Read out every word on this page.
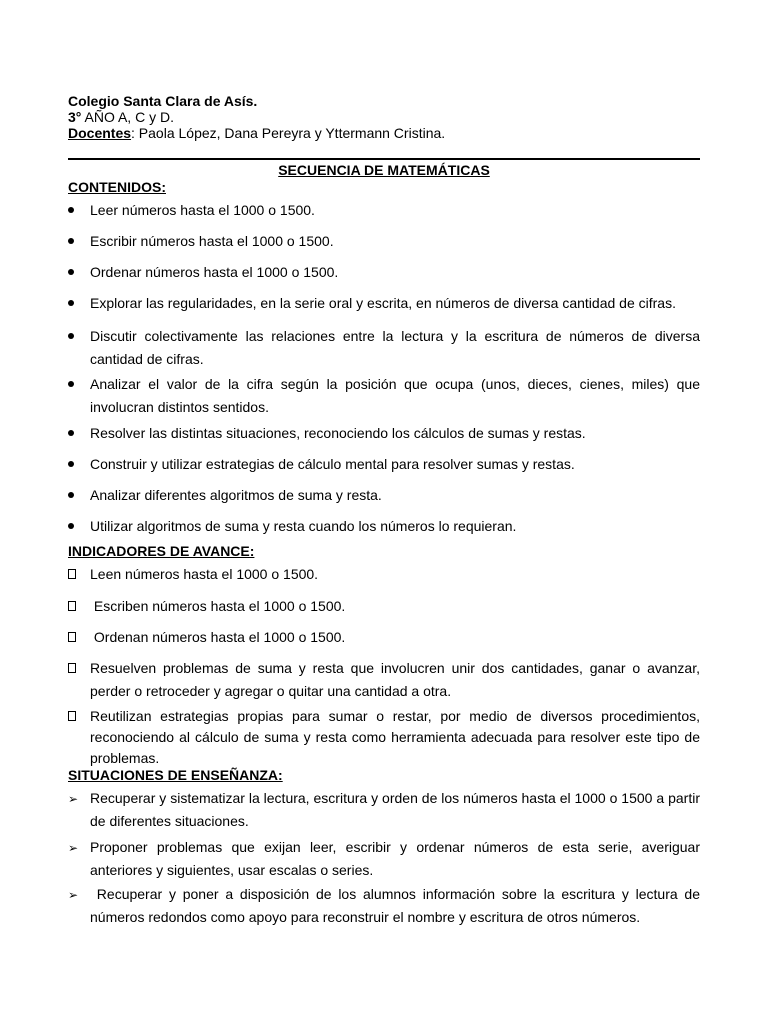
Colegio Santa Clara de Asís.
3° AÑO A, C y D.
Docentes: Paola López, Dana Pereyra y Yttermann Cristina.
SECUENCIA DE MATEMÁTICAS
CONTENIDOS:
Leer números hasta el 1000 o 1500.
Escribir números hasta el 1000 o 1500.
Ordenar números hasta el 1000 o 1500.
Explorar las regularidades, en la serie oral y escrita, en números de diversa cantidad de cifras.
Discutir colectivamente las relaciones entre la lectura y la escritura de números de diversa cantidad de cifras.
Analizar el valor de la cifra según la posición que ocupa (unos, dieces, cienes, miles) que involucran distintos sentidos.
Resolver las distintas situaciones, reconociendo los cálculos de sumas y restas.
Construir y utilizar estrategias de cálculo mental para resolver sumas y restas.
Analizar diferentes algoritmos de suma y resta.
Utilizar algoritmos de suma y resta cuando los números lo requieran.
INDICADORES DE AVANCE:
Leen números hasta el 1000 o 1500.
Escriben números hasta el 1000 o 1500.
Ordenan números hasta el 1000 o 1500.
Resuelven problemas de suma y resta que involucren unir dos cantidades, ganar o avanzar, perder o retroceder y agregar o quitar una cantidad a otra.
Reutilizan estrategias propias para sumar o restar, por medio de diversos procedimientos, reconociendo al cálculo de suma y resta como herramienta adecuada para resolver este tipo de problemas.
SITUACIONES DE ENSEÑANZA:
➢
Recuperar y sistematizar la lectura, escritura y orden de los números hasta el 1000 o 1500 a partir de diferentes situaciones.
➢
Proponer problemas que exijan leer, escribir y ordenar números de esta serie, averiguar anteriores y siguientes, usar escalas o series.
➢
Recuperar y poner a disposición de los alumnos información sobre la escritura y lectura de números redondos como apoyo para reconstruir el nombre y escritura de otros números.
